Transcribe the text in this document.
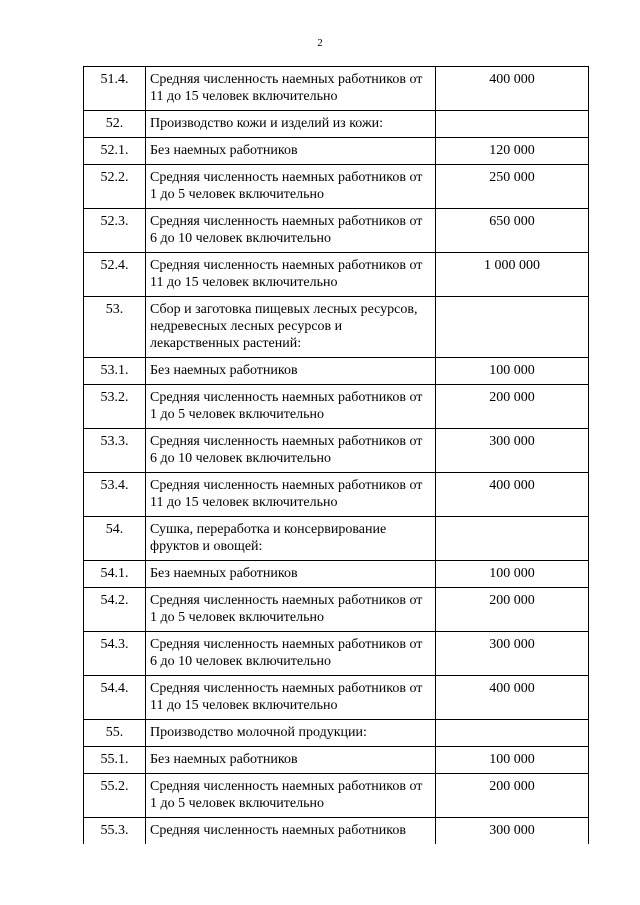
2
51.4.	Средняя численность наемных работников от 11 до 15 человек включительно	400 000
52.	Производство кожи и изделий из кожи:	
52.1.	Без наемных работников	120 000
52.2.	Средняя численность наемных работников от 1 до 5 человек включительно	250 000
52.3.	Средняя численность наемных работников от 6 до 10 человек включительно	650 000
52.4.	Средняя численность наемных работников от 11 до 15 человек включительно	1 000 000
53.	Сбор и заготовка пищевых лесных ресурсов, недревесных лесных ресурсов и лекарственных растений:	
53.1.	Без наемных работников	100 000
53.2.	Средняя численность наемных работников от 1 до 5 человек включительно	200 000
53.3.	Средняя численность наемных работников от 6 до 10 человек включительно	300 000
53.4.	Средняя численность наемных работников от 11 до 15 человек включительно	400 000
54.	Сушка, переработка и консервирование фруктов и овощей:	
54.1.	Без наемных работников	100 000
54.2.	Средняя численность наемных работников от 1 до 5 человек включительно	200 000
54.3.	Средняя численность наемных работников от 6 до 10 человек включительно	300 000
54.4.	Средняя численность наемных работников от 11 до 15 человек включительно	400 000
55.	Производство молочной продукции:	
55.1.	Без наемных работников	100 000
55.2.	Средняя численность наемных работников от 1 до 5 человек включительно	200 000
55.3.	Средняя численность наемных работников	300 000
